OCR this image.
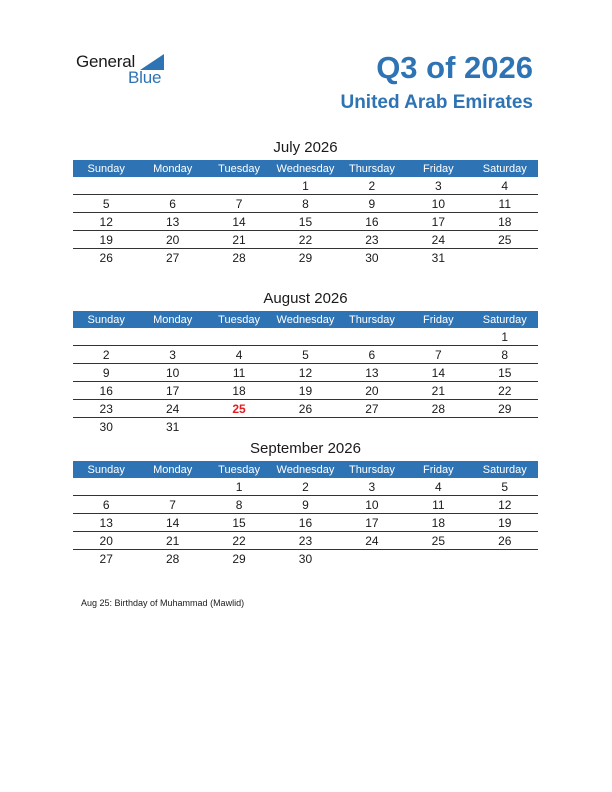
General
Blue	Q3 of 2026
United Arab Emirates
July 2026
Sunday	Monday	Tuesday	Wednesday	Thursday	Friday	Saturday
			1	2	3	4
5	6	7	8	9	10	11
12	13	14	15	16	17	18
19	20	21	22	23	24	25
26	27	28	29	30	31	
August 2026
Sunday	Monday	Tuesday	Wednesday	Thursday	Friday	Saturday
						1
2	3	4	5	6	7	8
9	10	11	12	13	14	15
16	17	18	19	20	21	22
23	24	25	26	27	28	29
30	31					
September 2026
Sunday	Monday	Tuesday	Wednesday	Thursday	Friday	Saturday
		1	2	3	4	5
6	7	8	9	10	11	12
13	14	15	16	17	18	19
20	21	22	23	24	25	26
27	28	29	30			
Aug 25: Birthday of Muhammad (Mawlid)
